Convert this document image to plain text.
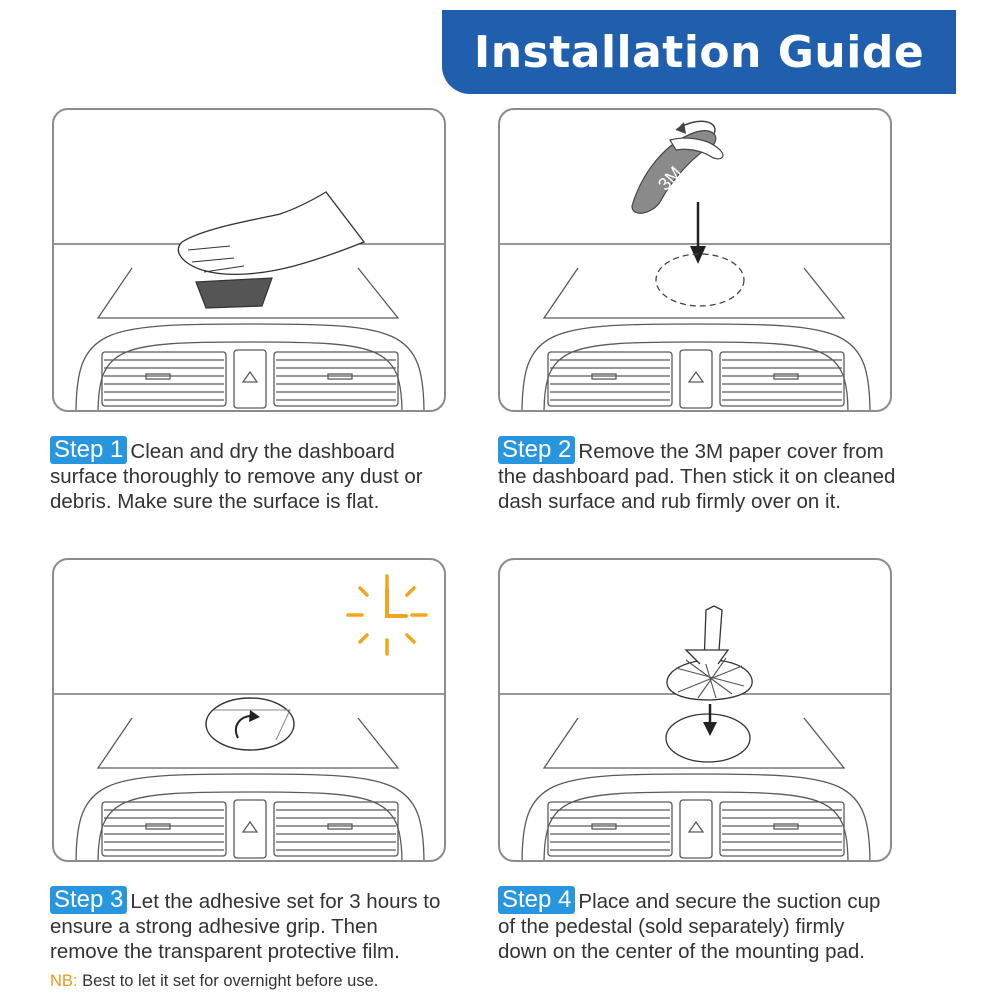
Installation Guide
3M
Step 1 Clean and dry the dashboard surface thoroughly to remove any dust or debris. Make sure the surface is flat.
Step 2 Remove the 3M paper cover from the dashboard pad. Then stick it on cleaned dash surface and rub firmly over on it.
Step 3 Let the adhesive set for 3 hours to ensure a strong adhesive grip. Then remove the transparent protective film.
Step 4 Place and secure the suction cup of the pedestal (sold separately) firmly down on the center of the mounting pad.
NB: Best to let it set for overnight before use.
